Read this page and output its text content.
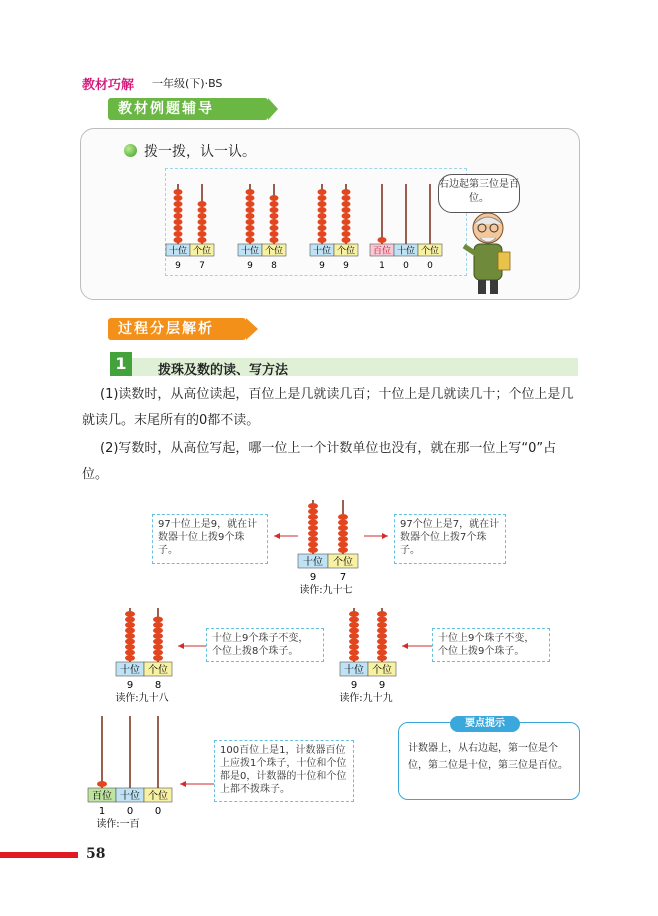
教材巧解 一年级(下)·BS
教材例题辅导
拨一拨，认一认。
十位 个位
9 7
十位 个位
9 8
十位 个位
9 9
百位 十位 个位
1 0 0
右边起第三位是百位。
过程分层解析
1	拨珠及数的读、写方法
(1)读数时，从高位读起，百位上是几就读几百；十位上是几就读几十；个位上是几就读几。末尾所有的0都不读。
(2)写数时，从高位写起，哪一位上一个计数单位也没有，就在那一位上写“0”占位。
97十位上是9，就在计数器十位上拨9个珠子。
97个位上是7，就在计数器个位上拨7个珠子。
十位 个位
9 7
读作:九十七
十位 个位
9 8
读作:九十八
十位上9个珠子不变，个位上拨8个珠子。
十位 个位
9 9
读作:九十九
十位上9个珠子不变，个位上拨9个珠子。
百位 十位 个位
1 0 0
读作:一百
100百位上是1，计数器百位上应拨1个珠子，十位和个位都是0，计数器的十位和个位上都不拨珠子。
要点提示
计数器上，从右边起，第一位是个位，第二位是十位，第三位是百位。
58
